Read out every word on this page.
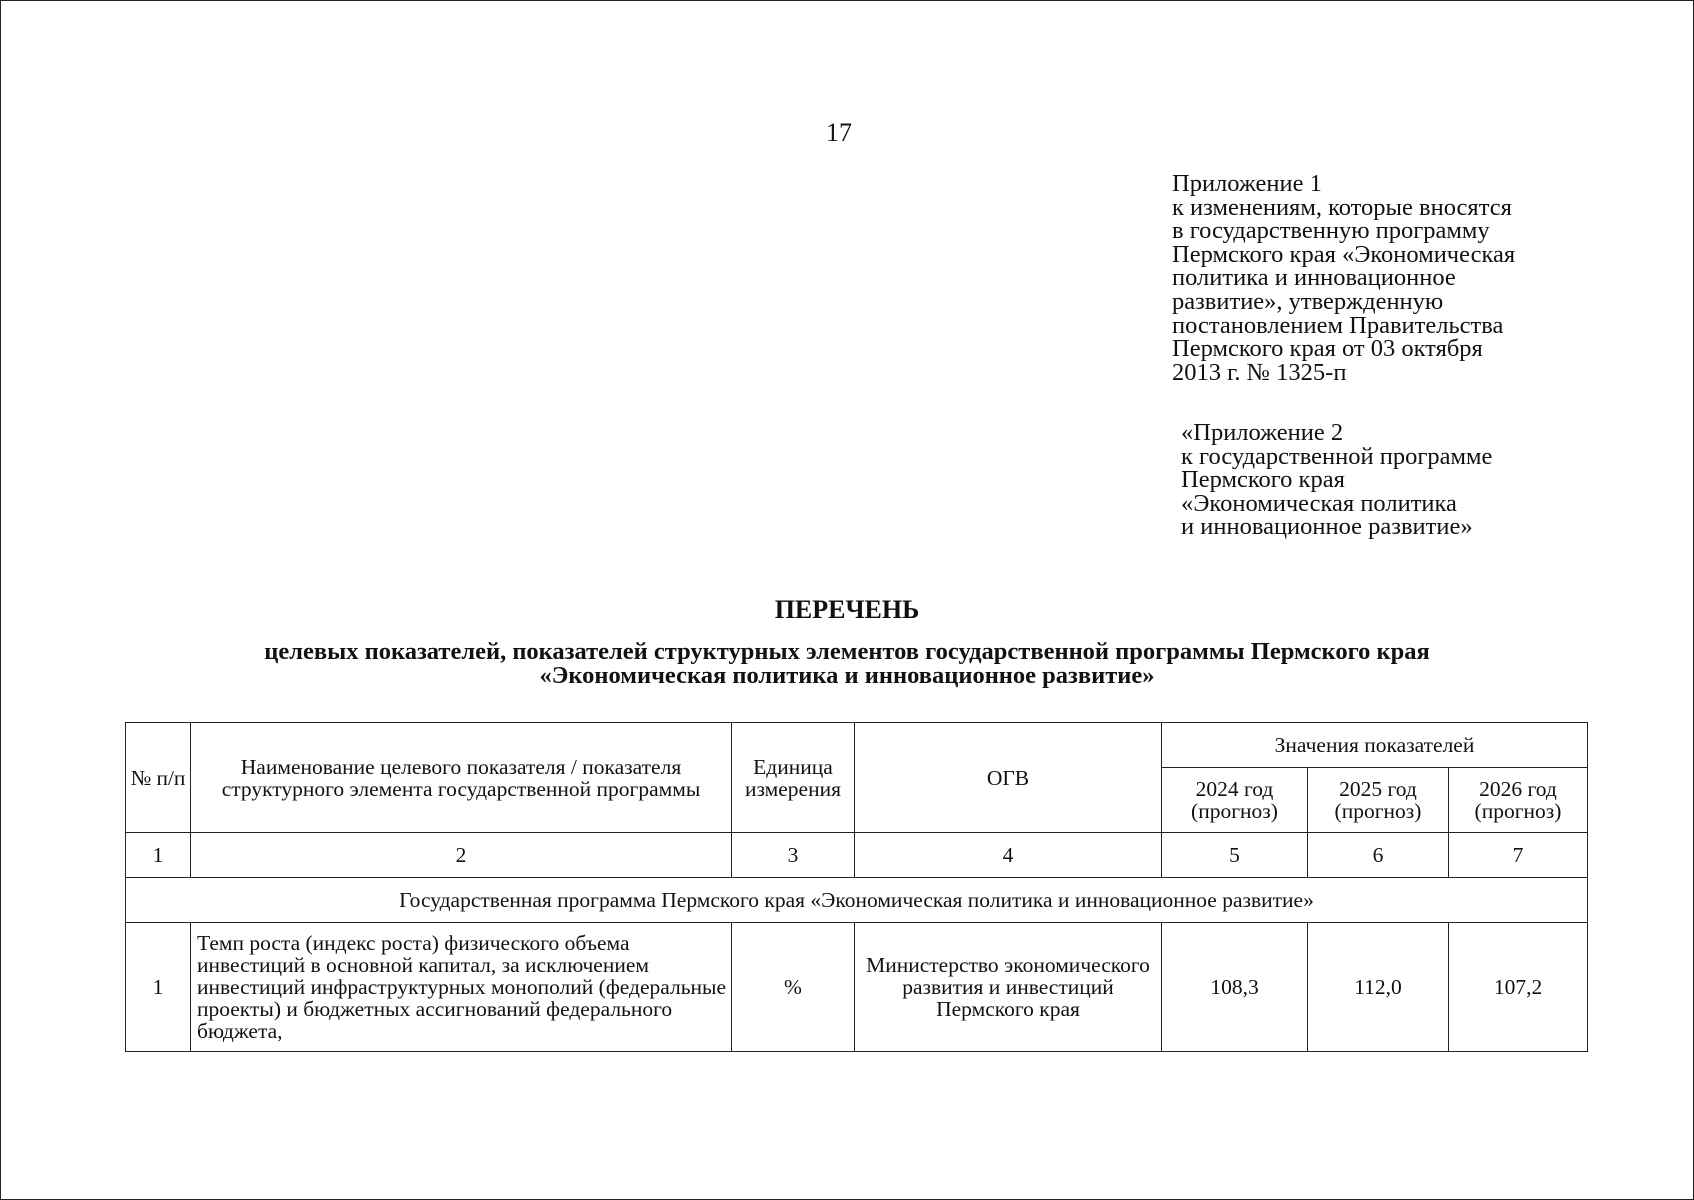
17
Приложение 1
к изменениям, которые вносятся
в государственную программу
Пермского края «Экономическая
политика и инновационное
развитие», утвержденную
постановлением Правительства
Пермского края от 03 октября
2013 г. № 1325-п
«Приложение 2
к государственной программе
Пермского края
«Экономическая политика
и инновационное развитие»
ПЕРЕЧЕНЬ
целевых показателей, показателей структурных элементов государственной программы Пермского края
«Экономическая политика и инновационное развитие»
№ п/п	Наименование целевого показателя / показателя структурного элемента государственной программы	Единица измерения	ОГВ	Значения показателей		
				2024 год (прогноз)	2025 год (прогноз)	2026 год (прогноз)
1	2	3	4	5	6	7
Государственная программа Пермского края «Экономическая политика и инновационное развитие»						
1	Темп роста (индекс роста) физического объема инвестиций в основной капитал, за исключением инвестиций инфраструктурных монополий (федеральные проекты) и бюджетных ассигнований федерального бюджета,	%	Министерство экономического развития и инвестиций Пермского края	108,3	112,0	107,2
